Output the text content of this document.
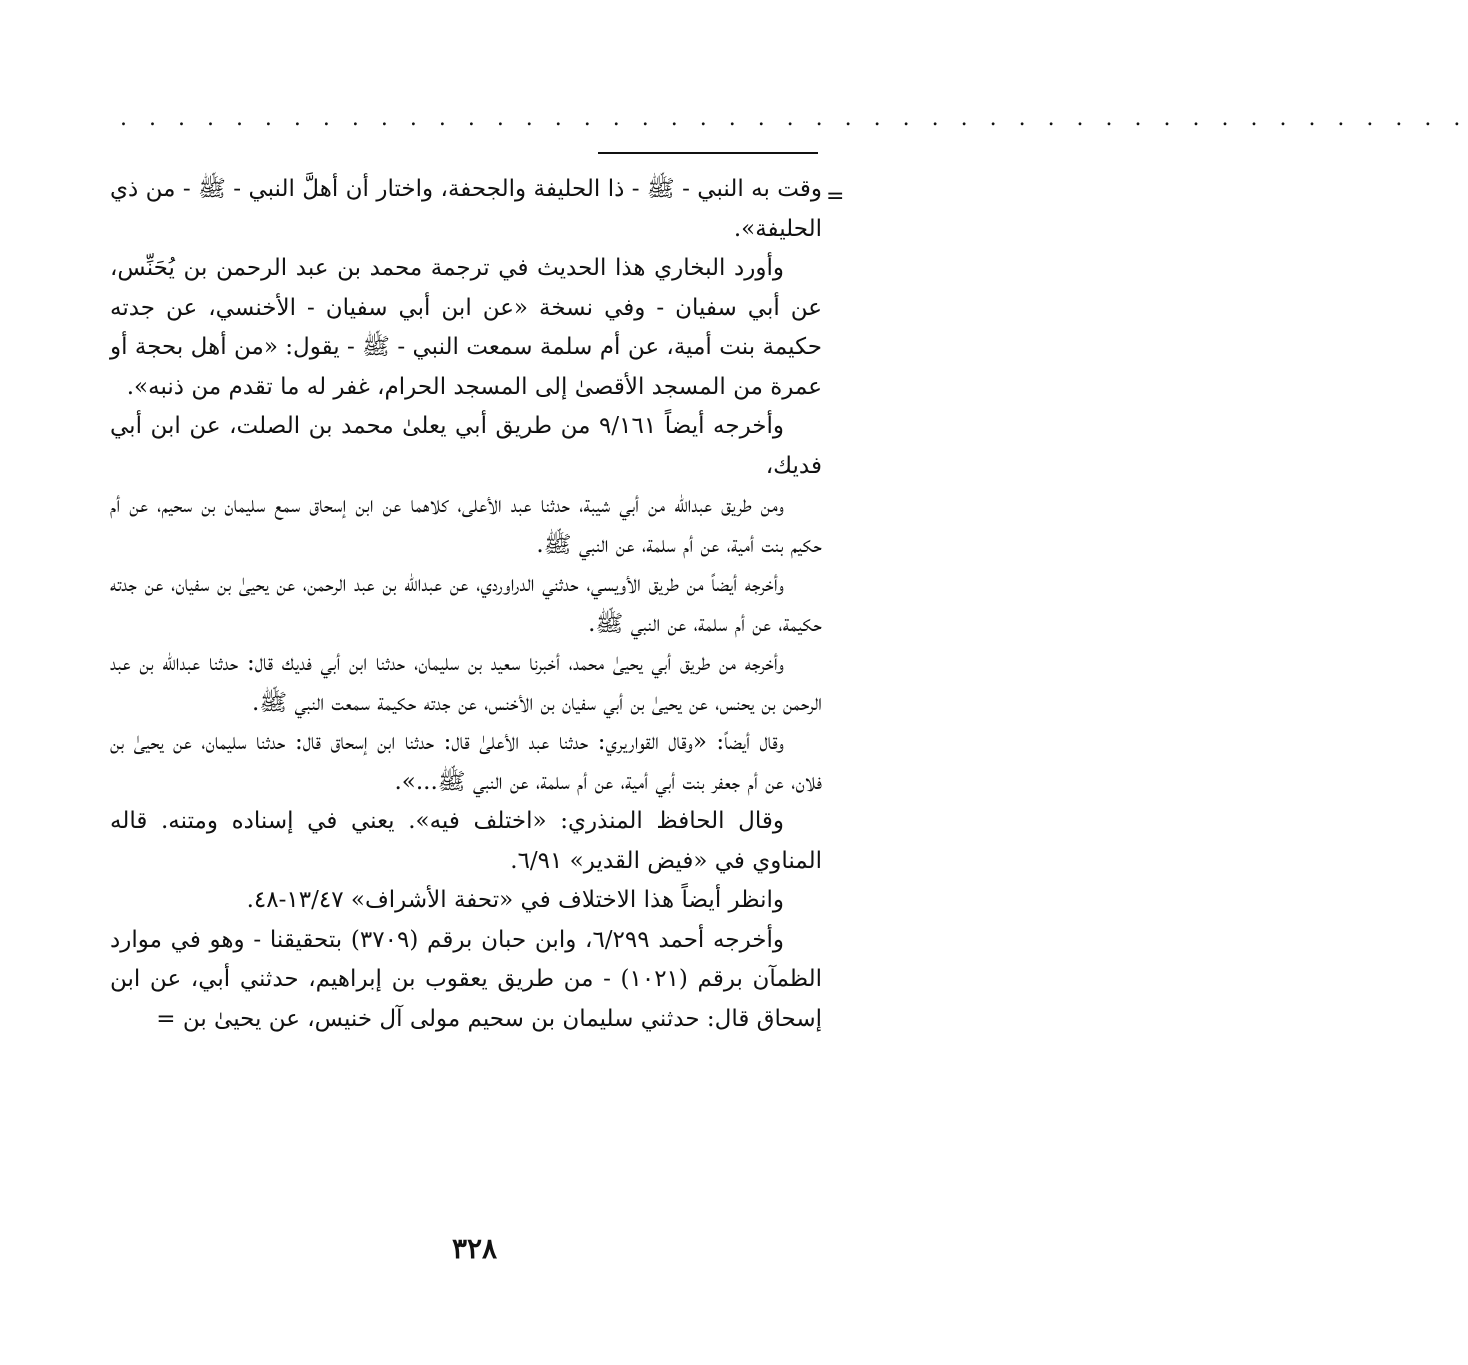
. . . . . . . . . . . . . . . . . . . . . . . . . . . . . . . . . . . . . . . . . . . . . . .
=

وقت به النبي - ﷺ - ذا الحليفة والجحفة، واختار أن أهلَّ النبي - ﷺ - من ذي الحليفة».

وأورد البخاري هذا الحديث في ترجمة محمد بن عبد الرحمن بن يُحَنِّس، عن أبي سفيان - وفي نسخة «عن ابن أبي سفيان - الأخنسي، عن جدته حكيمة بنت أمية، عن أم سلمة سمعت النبي - ﷺ - يقول: «من أهل بحجة أو عمرة من المسجد الأقصىٰ إلى المسجد الحرام، غفر له ما تقدم من ذنبه».

وأخرجه أيضاً ٩/١٦١ من طريق أبي يعلىٰ محمد بن الصلت، عن ابن أبي فديك،

ومن طريق عبدالله من أبي شيبة، حدثنا عبد الأعلى، كلاهما عن ابن إسحاق سمع سليمان بن سحيم، عن أم حكيم بنت أمية، عن أم سلمة، عن النبي ﷺ.

وأخرجه أيضاً من طريق الأويسي، حدثني الدراوردي، عن عبدالله بن عبد الرحمن، عن يحيىٰ بن سفيان، عن جدته حكيمة، عن أم سلمة، عن النبي ﷺ.

وأخرجه من طريق أبي يحيىٰ محمد، أخبرنا سعيد بن سليمان، حدثنا ابن أبي فديك قال: حدثنا عبدالله بن عبد الرحمن بن يحنس، عن يحيىٰ بن أبي سفيان بن الأخنس، عن جدته حكيمة سمعت النبي ﷺ.

وقال أيضاً: «وقال القواريري: حدثنا عبد الأعلىٰ قال: حدثنا ابن إسحاق قال: حدثنا سليمان، عن يحيىٰ بن فلان، عن أم جعفر بنت أبي أمية، عن أم سلمة، عن النبي ﷺ...».

وقال الحافظ المنذري: «اختلف فيه». يعني في إسناده ومتنه. قاله المناوي في «فيض القدير» ٦/٩١.

وانظر أيضاً هذا الاختلاف في «تحفة الأشراف» ١٣/٤٧-٤٨.

وأخرجه أحمد ٦/٢٩٩، وابن حبان برقم (٣٧٠٩) بتحقيقنا - وهو في موارد الظمآن برقم (١٠٢١) - من طريق يعقوب بن إبراهيم، حدثني أبي، عن ابن إسحاق قال: حدثني سليمان بن سحيم مولى آل خنيس، عن يحيىٰ بن =

٣٢٨
